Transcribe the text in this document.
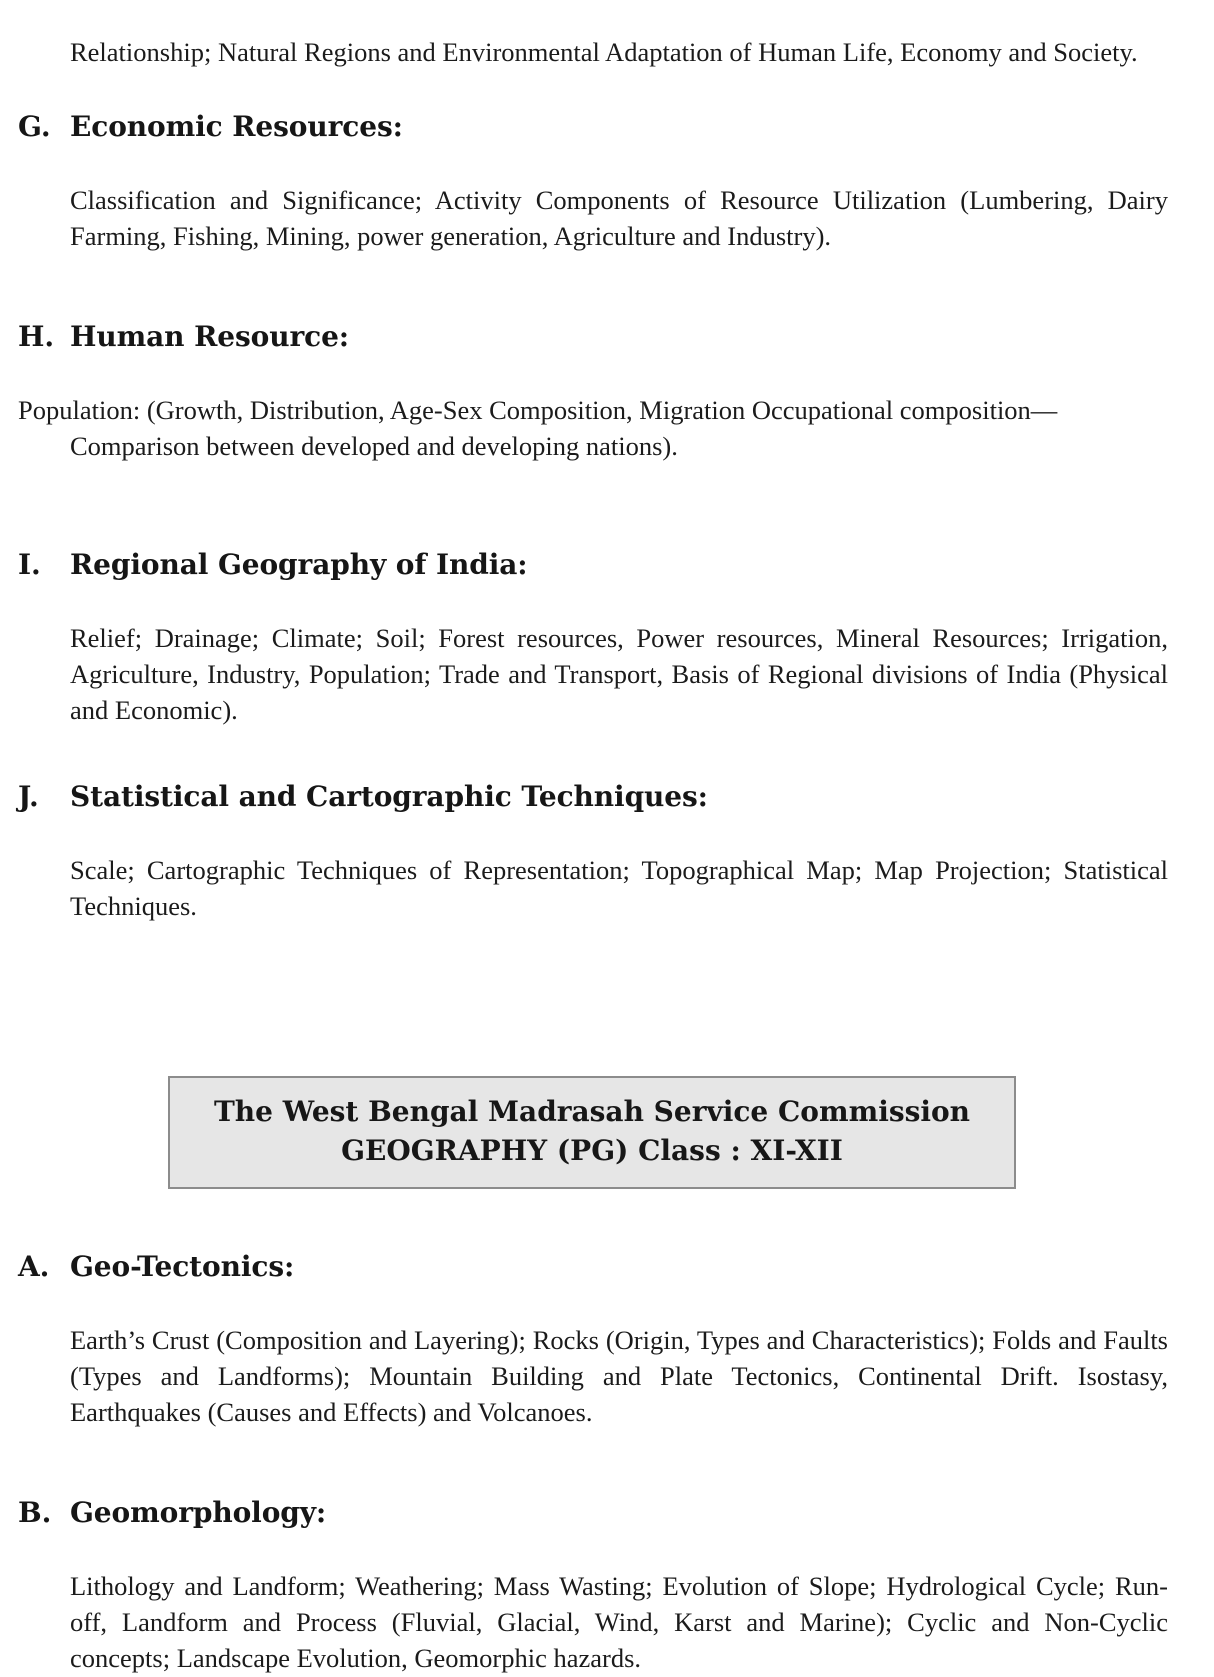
Relationship; Natural Regions and Environmental Adaptation of Human Life, Economy and Society.

G. Economic Resources:

Classification and Significance; Activity Components of Resource Utilization (Lumbering, Dairy Farming, Fishing, Mining, power generation, Agriculture and Industry).

H. Human Resource:

Population: (Growth, Distribution, Age-Sex Composition, Migration Occupational composition—Comparison between developed and developing nations).

I.	Regional Geography of India:

Relief; Drainage; Climate; Soil; Forest resources, Power resources, Mineral Resources; Irrigation, Agriculture, Industry, Population; Trade and Transport, Basis of Regional divisions of India (Physical and Economic).

J.	Statistical and Cartographic Techniques:

Scale; Cartographic Techniques of Representation; Topographical Map; Map Projection; Statistical Techniques.

The West Bengal Madrasah Service Commission
GEOGRAPHY (PG) Class : XI-XII
A. Geo-Tectonics:

Earth’s Crust (Composition and Layering); Rocks (Origin, Types and Characteristics); Folds and Faults (Types and Landforms); Mountain Building and Plate Tectonics, Continental Drift. Isostasy, Earthquakes (Causes and Effects) and Volcanoes.

B. Geomorphology:

Lithology and Landform; Weathering; Mass Wasting; Evolution of Slope; Hydrological Cycle; Run-off, Landform and Process (Fluvial, Glacial, Wind, Karst and Marine); Cyclic and Non-Cyclic concepts; Landscape Evolution, Geomorphic hazards.
